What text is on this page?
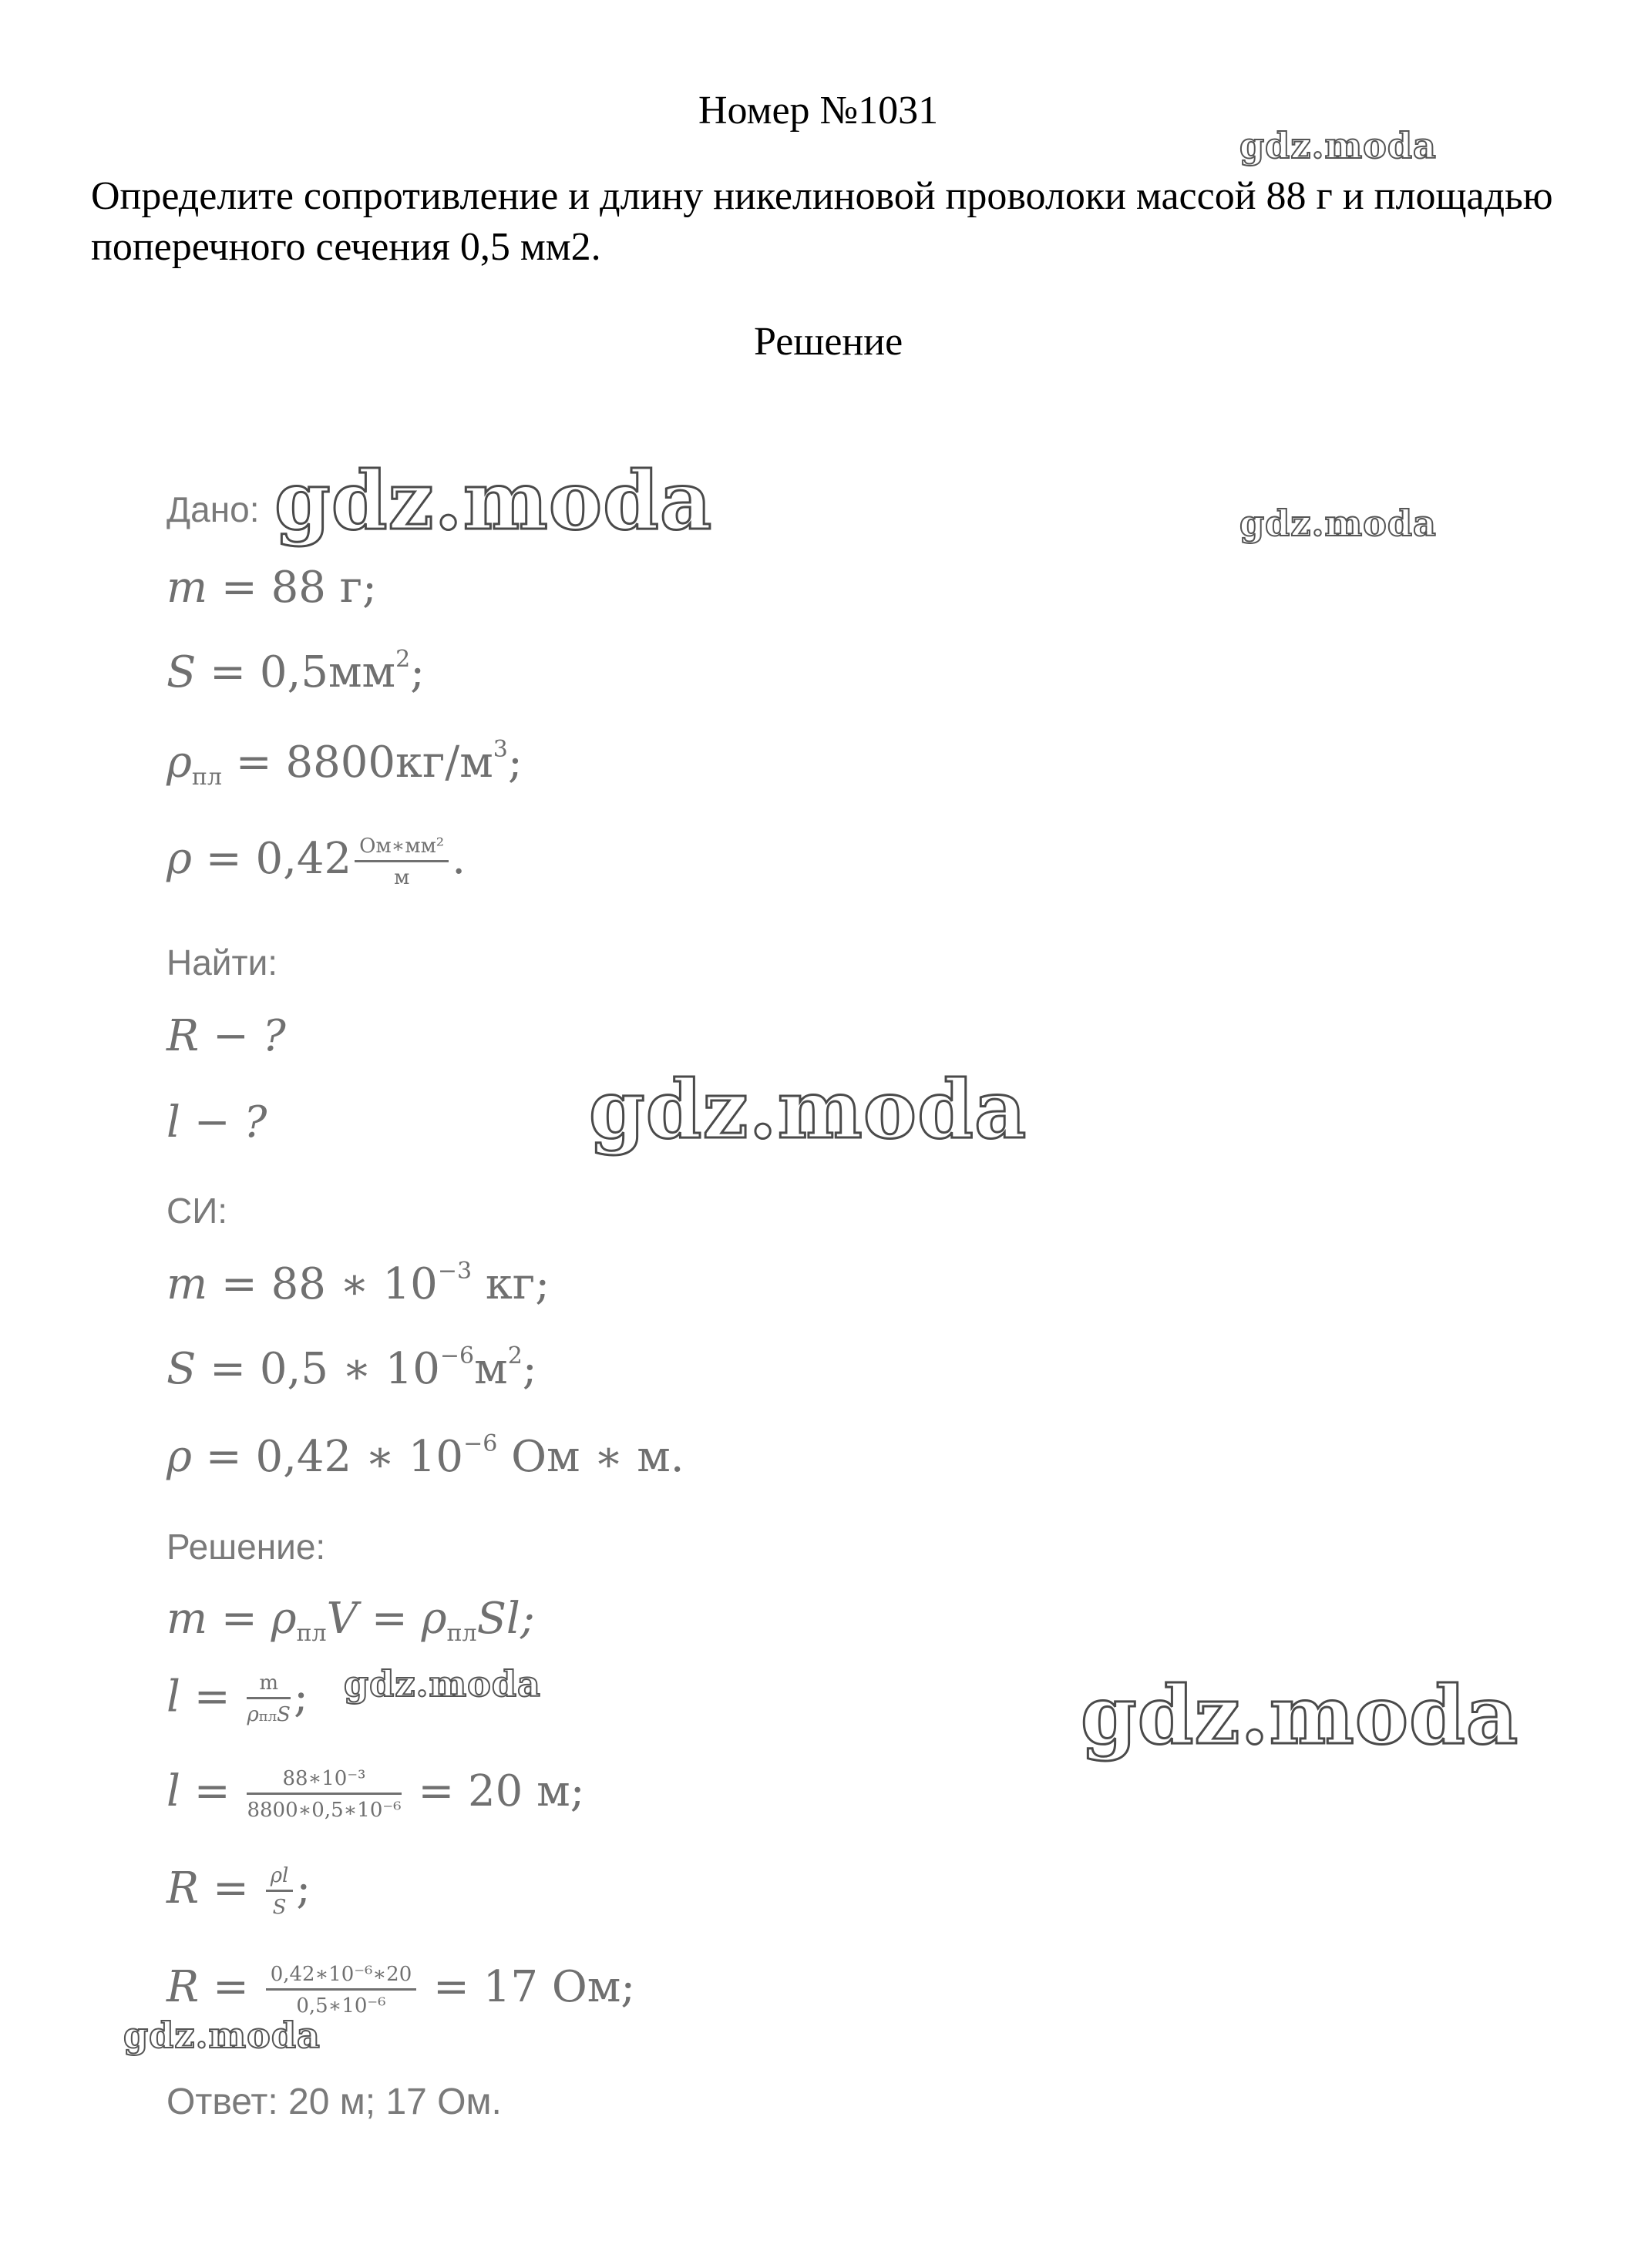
Номер №1031
Определите сопротивление и длину никелиновой проволоки массой 88 г и площадью поперечного сечения 0,5 мм2.
Решение
gdz.moda
gdz.moda	gdz.moda
gdz.moda
gdz.moda	gdz.moda
gdz.moda
Дано:
m = 88 г;
$S = 0,5мм^2$;
$\rho_{пл} = 8800кг/м^3$;
$\rho = 0,42 \frac{\text{Ом∗мм²}}{м}$ .
Найти:
R − ?
l − ?
СИ:
m = 88 ∗ $10^{-3}$ кг;
S = 0,5 ∗ $10^{-6}м^2$;
ρ = 0,42 ∗ $10^{-6}$ Ом ∗ м.
Решение:
$m = \rho_{пл}V = \rho_{пл}Sl$;
$l = \frac{m}{\text{ρплS}}$ ;
$l = \frac{\text{88∗10⁻³}}{\text{8800∗0,5∗10⁻⁶}} = 20$ м;
$R = \frac{\rho l}{S}$ ;
$R = \frac{\text{0,42∗10⁻⁶∗20}}{\text{0,5∗10⁻⁶}} = 17$ Ом;
Ответ: 20 м; 17 Ом.
